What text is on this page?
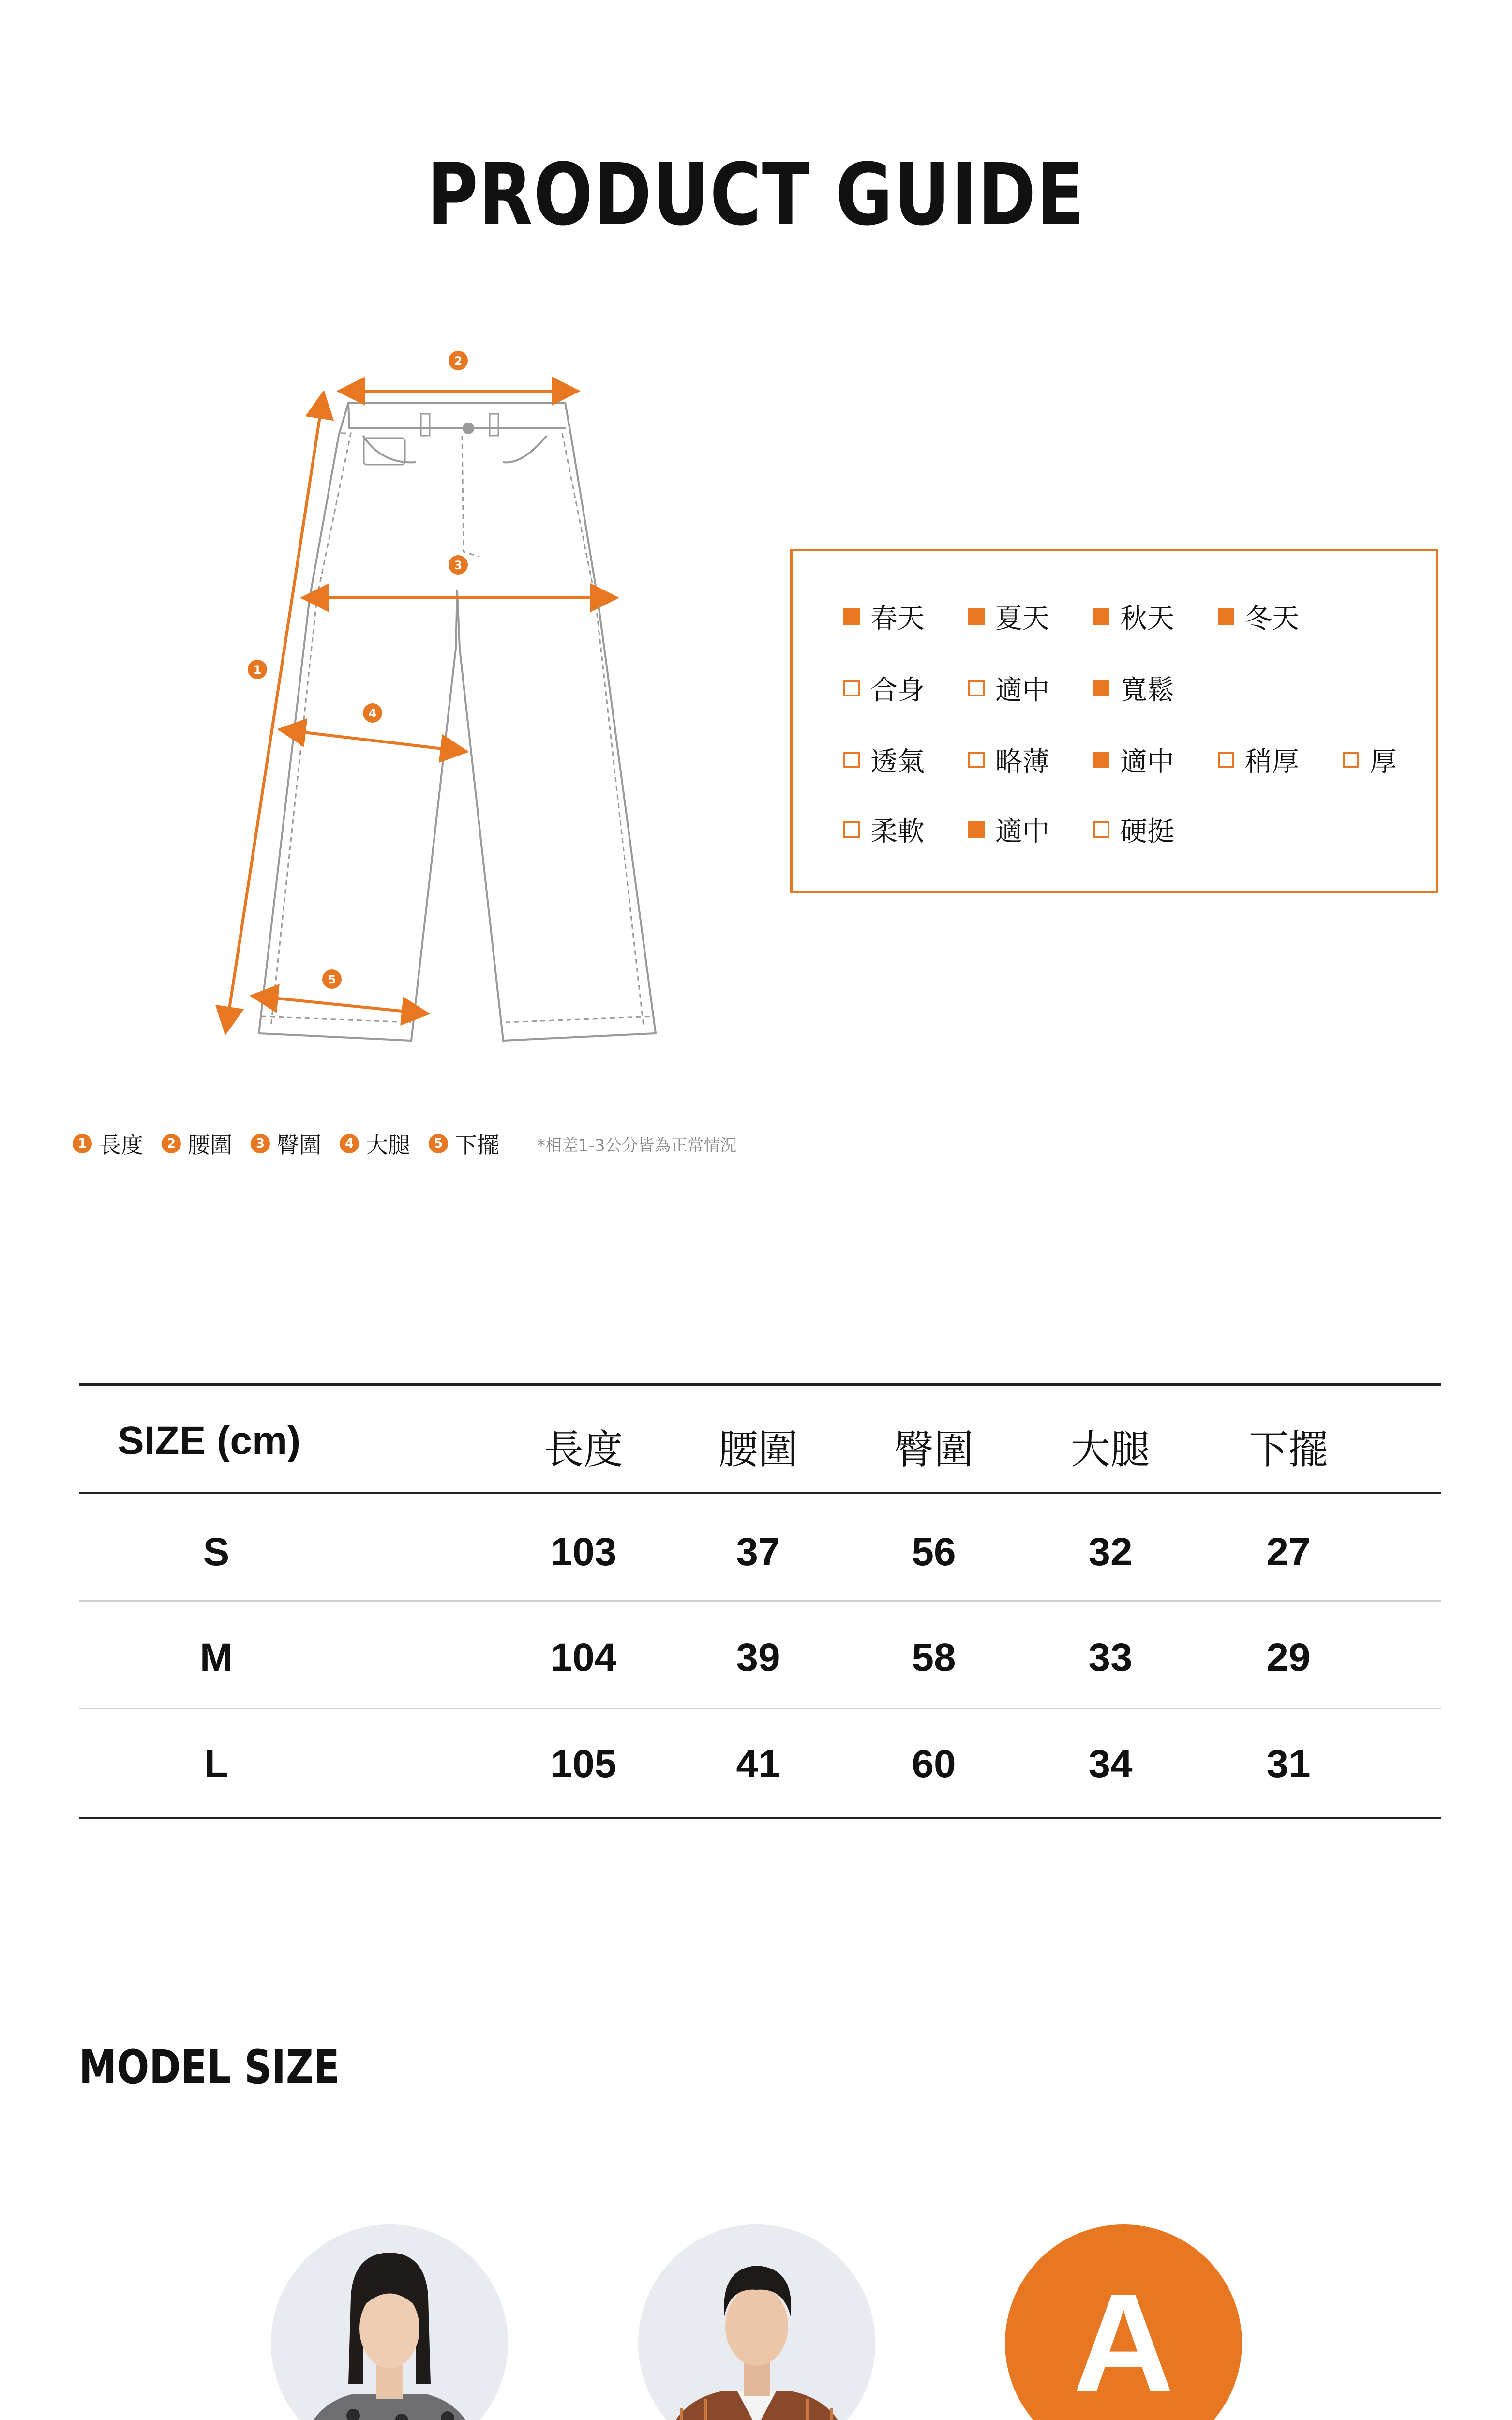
PRODUCT GUIDE
1
2
3
4
5
春天	夏天	秋天	冬天
合身	適中	寬鬆
透氣	略薄	適中	稍厚	厚
柔軟	適中	硬挺
1 長度	2 腰圍	3 臀圍	4 大腿	5 下擺 *相差1-3公分皆為正常情況
SIZE (cm)	長度	腰圍	臀圍	大腿	下擺
S	103	37	56	32	27
M	104	39	58	33	29
L	105	41	60	34	31
MODEL SIZE
A
